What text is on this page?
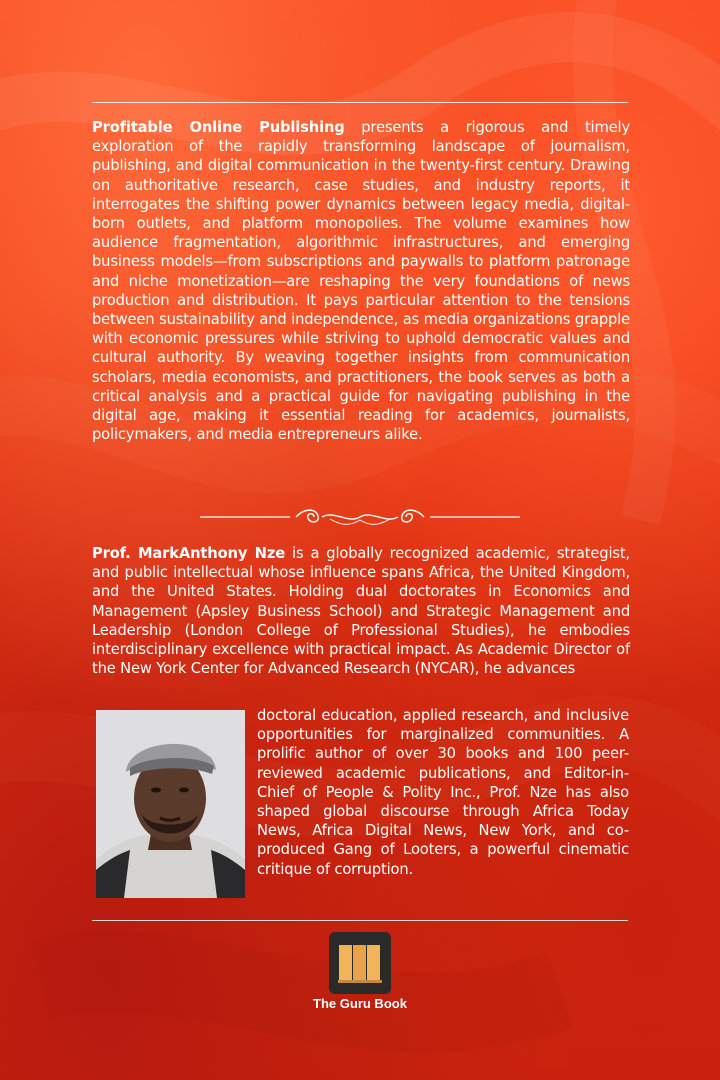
Profitable Online Publishing presents a rigorous and timely exploration of the rapidly transforming landscape of journalism, publishing, and digital communication in the twenty-first century. Drawing on authoritative research, case studies, and industry reports, it interrogates the shifting power dynamics between legacy media, digital-born outlets, and platform monopolies. The volume examines how audience fragmentation, algorithmic infrastructures, and emerging business models—from subscriptions and paywalls to platform patronage and niche monetization—are reshaping the very foundations of news production and distribution. It pays particular attention to the tensions between sustainability and independence, as media organizations grapple with economic pressures while striving to uphold democratic values and cultural authority. By weaving together insights from communication scholars, media economists, and practitioners, the book serves as both a critical analysis and a practical guide for navigating publishing in the digital age, making it essential reading for academics, journalists, policymakers, and media entrepreneurs alike.
Prof. MarkAnthony Nze is a globally recognized academic, strategist, and public intellectual whose influence spans Africa, the United Kingdom, and the United States. Holding dual doctorates in Economics and Management (Apsley Business School) and Strategic Management and Leadership (London College of Professional Studies), he embodies interdisciplinary excellence with practical impact. As Academic Director of the New York Center for Advanced Research (NYCAR), he advances
doctoral education, applied research, and inclusive opportunities for marginalized communities. A prolific author of over 30 books and 100 peer-reviewed academic publications, and Editor-in-Chief of People & Polity Inc., Prof. Nze has also shaped global discourse through Africa Today News, Africa Digital News, New York, and co-produced Gang of Looters, a powerful cinematic critique of corruption.
The Guru Book
